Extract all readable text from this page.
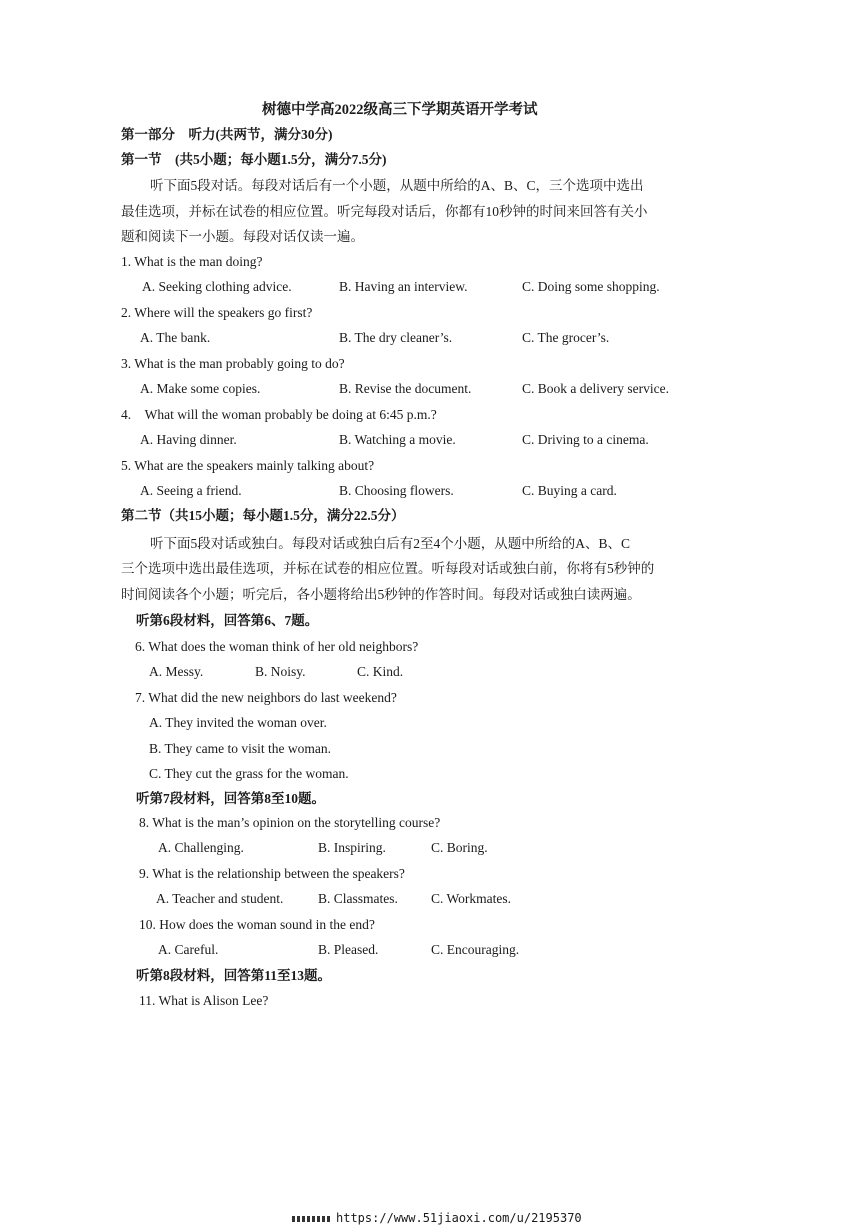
树德中学高2022级高三下学期英语开学考试
第一部分　听力(共两节，满分30分)
第一节　(共5小题；每小题1.5分，满分7.5分)
听下面5段对话。每段对话后有一个小题，从题中所给的A、B、C，三个选项中选出
最佳选项，并标在试卷的相应位置。听完每段对话后，你都有10秒钟的时间来回答有关小
题和阅读下一小题。每段对话仅读一遍。
1. What is the man doing?
A. Seeking clothing advice.	B. Having an interview.	C. Doing some shopping.
2. Where will the speakers go first?
A. The bank.	B. The dry cleaner’s.	C. The grocer’s.
3. What is the man probably going to do?
A. Make some copies.	B. Revise the document.	C. Book a delivery service.
4.　What will the woman probably be doing at 6:45 p.m.?
A. Having dinner.	B. Watching a movie.	C. Driving to a cinema.
5. What are the speakers mainly talking about?
A. Seeing a friend.	B. Choosing flowers.	C. Buying a card.
第二节（共15小题；每小题1.5分，满分22.5分）
听下面5段对话或独白。每段对话或独白后有2至4个小题，从题中所给的A、B、C
三个选项中选出最佳选项，并标在试卷的相应位置。听每段对话或独白前，你将有5秒钟的
时间阅读各个小题；听完后，各小题将给出5秒钟的作答时间。每段对话或独白读两遍。
听第6段材料，回答第6、7题。
6. What does the woman think of her old neighbors?
A. Messy.	B. Noisy.	C. Kind.
7. What did the new neighbors do last weekend?
A. They invited the woman over.
B. They came to visit the woman.
C. They cut the grass for the woman.
听第7段材料，回答第8至10题。
8. What is the man’s opinion on the storytelling course?
A. Challenging.	B. Inspiring.	C. Boring.
9. What is the relationship between the speakers?
A. Teacher and student.	B. Classmates. C. Workmates.
10. How does the woman sound in the end?
A. Careful.	B. Pleased.	C. Encouraging.
听第8段材料，回答第11至13题。
11. What is Alison Lee?
https://www.51jiaoxi.com/u/2195370
